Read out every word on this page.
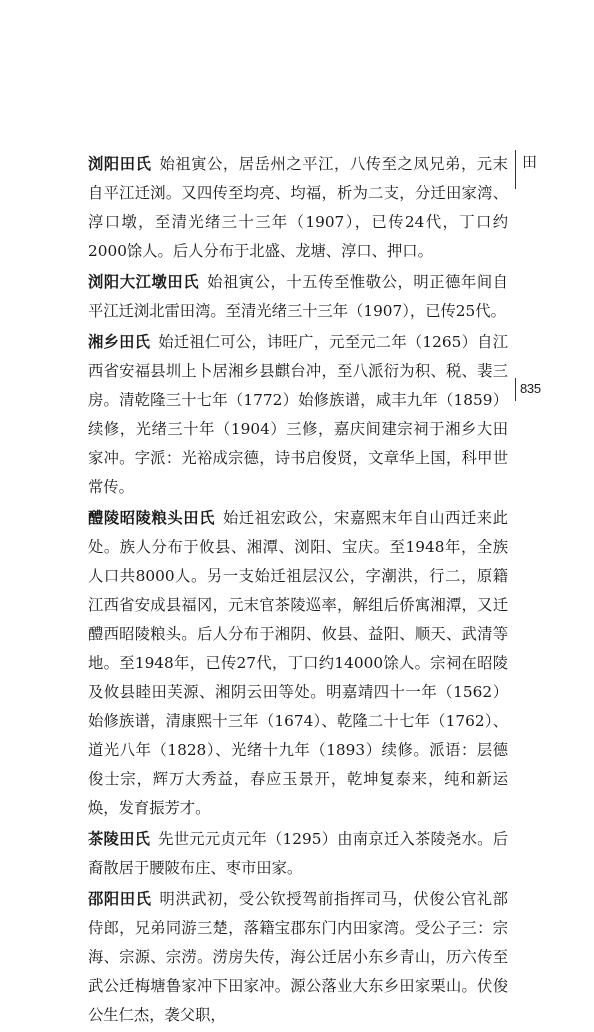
浏阳田氏 始祖寅公，居岳州之平江，八传至之凤兄弟，元末自平江迁浏。又四传至均亮、均福，析为二支，分迁田家湾、淳口墩，至清光绪三十三年（1907），已传24代，丁口约2000馀人。后人分布于北盛、龙塘、淳口、押口。

浏阳大江墩田氏 始祖寅公，十五传至惟敬公，明正德年间自平江迁浏北雷田湾。至清光绪三十三年（1907），已传25代。

湘乡田氏 始迁祖仁可公，讳旺广，元至元二年（1265）自江西省安福县圳上卜居湘乡县麒台冲，至八派衍为积、税、裴三房。清乾隆三十七年（1772）始修族谱，咸丰九年（1859）续修，光绪三十年（1904）三修，嘉庆间建宗祠于湘乡大田家冲。字派：光裕成宗德，诗书启俊贤，文章华上国，科甲世常传。

醴陵昭陵粮头田氏 始迁祖宏政公，宋嘉熙末年自山西迁来此处。族人分布于攸县、湘潭、浏阳、宝庆。至1948年，全族人口共8000人。另一支始迁祖层汉公，字潮洪，行二，原籍江西省安成县福冈，元末官茶陵巡率，解组后侨寓湘潭，又迁醴西昭陵粮头。后人分布于湘阴、攸县、益阳、顺天、武清等地。至1948年，已传27代，丁口约14000馀人。宗祠在昭陵及攸县睦田芙源、湘阴云田等处。明嘉靖四十一年（1562）始修族谱，清康熙十三年（1674）、乾隆二十七年（1762）、道光八年（1828）、光绪十九年（1893）续修。派语：层德俊士宗，辉万大秀益，春应玉景开，乾坤复泰来，纯和新运焕，发育振芳才。

茶陵田氏 先世元元贞元年（1295）由南京迁入茶陵尧水。后裔散居于腰陂布庄、枣市田家。

邵阳田氏 明洪武初，受公钦授驾前指挥司马，伏俊公官礼部侍郎，兄弟同游三楚，落籍宝郡东门内田家湾。受公子三：宗海、宗源、宗涝。涝房失传，海公迁居小东乡青山，历六传至武公迁梅塘鲁家冲下田家冲。源公落业大东乡田家栗山。伏俊公生仁杰，袭父职，

田
835
